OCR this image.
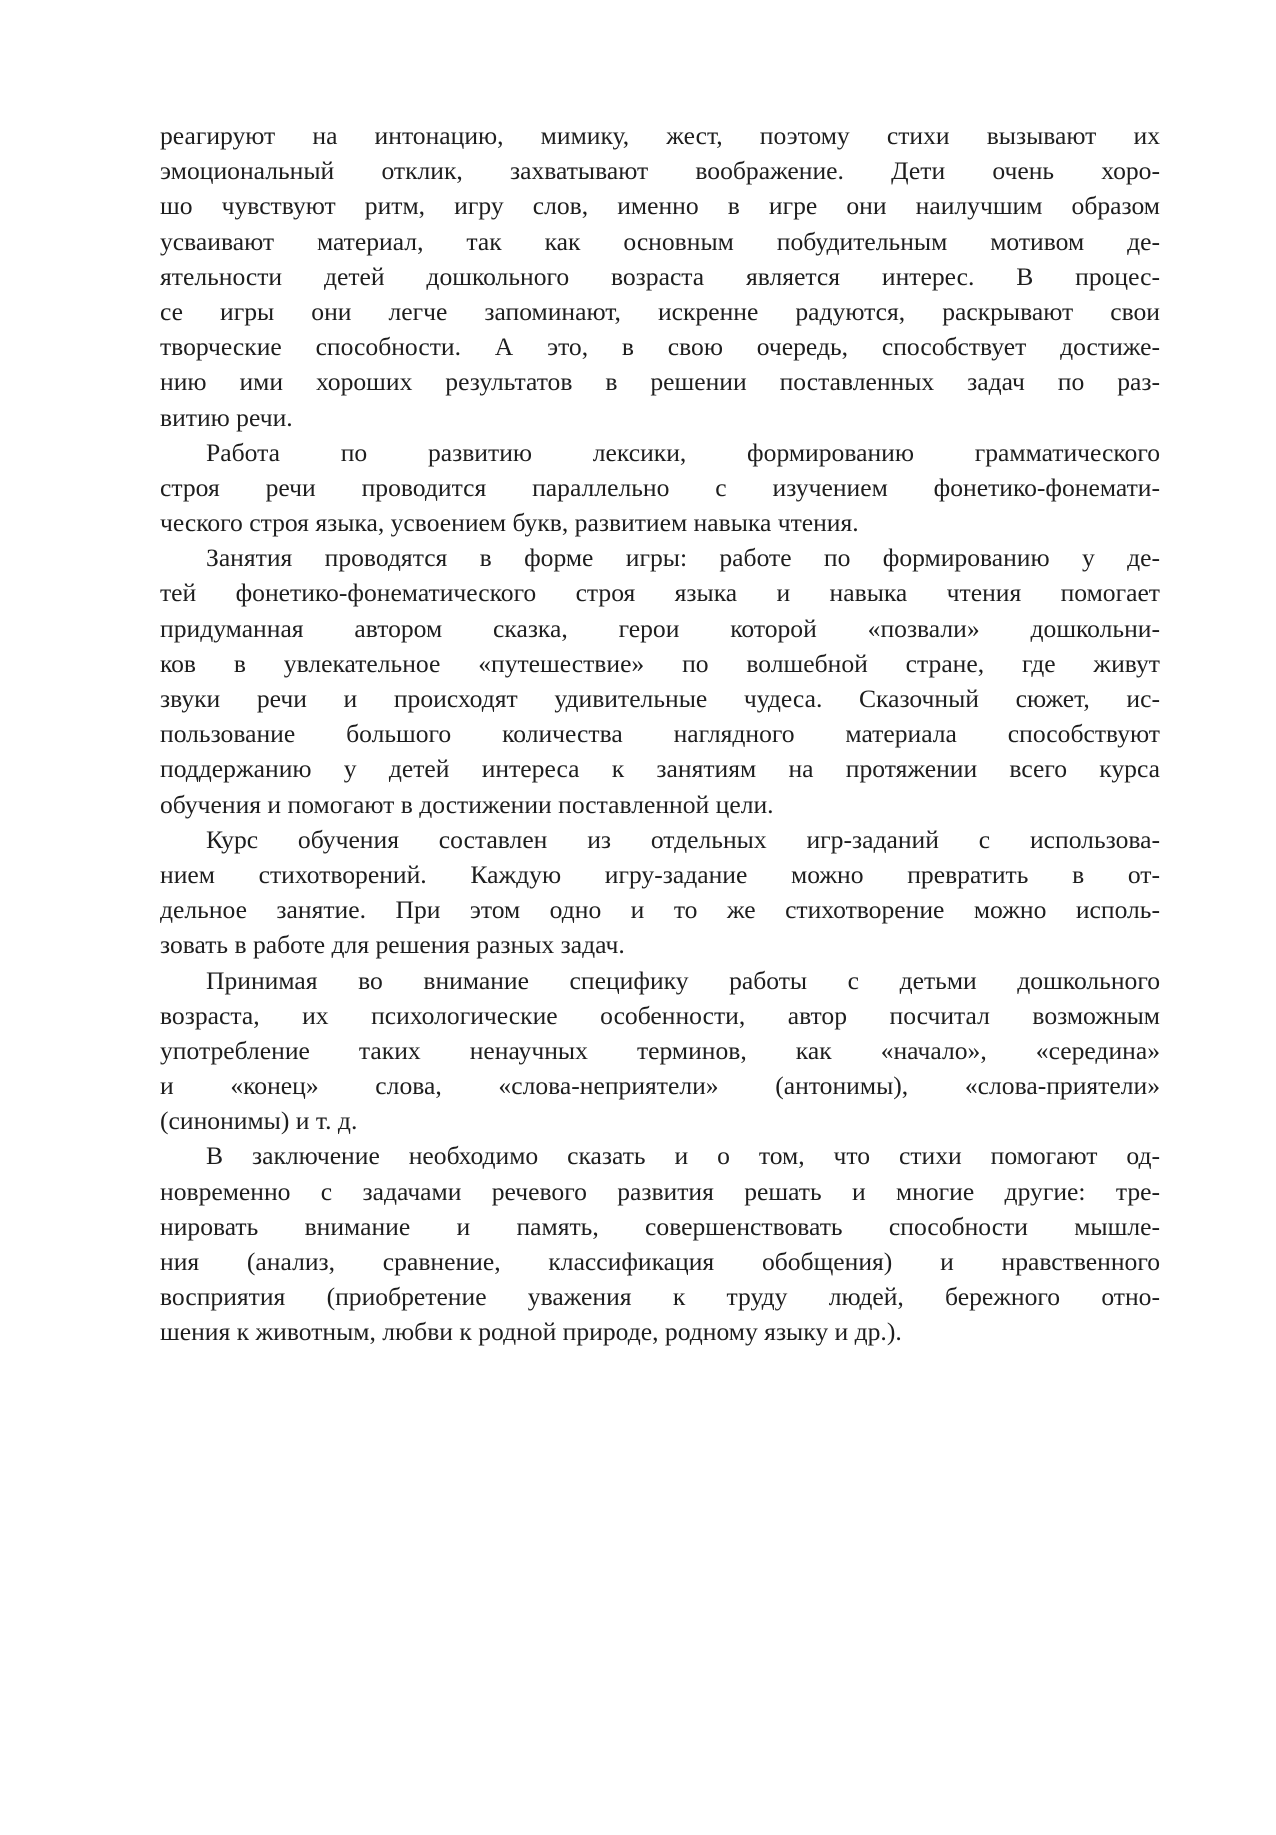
реагируют на интонацию, мимику, жест, поэтому стихи вызывают их
эмоциональный отклик, захватывают воображение. Дети очень хоро-
шо чувствуют ритм, игру слов, именно в игре они наилучшим образом
усваивают материал, так как основным побудительным мотивом де-
ятельности детей дошкольного возраста является интерес. В процес-
се игры они легче запоминают, искренне радуются, раскрывают свои
творческие способности. А это, в свою очередь, способствует достиже-
нию ими хороших результатов в решении поставленных задач по раз-
витию речи.
Работа по развитию лексики, формированию грамматического
строя речи проводится параллельно с изучением фонетико-фонемати-
ческого строя языка, усвоением букв, развитием навыка чтения.
Занятия проводятся в форме игры: работе по формированию у де-
тей фонетико-фонематического строя языка и навыка чтения помогает
придуманная автором сказка, герои которой «позвали» дошкольни-
ков в увлекательное «путешествие» по волшебной стране, где живут
звуки речи и происходят удивительные чудеса. Сказочный сюжет, ис-
пользование большого количества наглядного материала способствуют
поддержанию у детей интереса к занятиям на протяжении всего курса
обучения и помогают в достижении поставленной цели.
Курс обучения составлен из отдельных игр-заданий с использова-
нием стихотворений. Каждую игру-задание можно превратить в от-
дельное занятие. При этом одно и то же стихотворение можно исполь-
зовать в работе для решения разных задач.
Принимая во внимание специфику работы с детьми дошкольного
возраста, их психологические особенности, автор посчитал возможным
употребление таких ненаучных терминов, как «начало», «середина»
и «конец» слова, «слова-неприятели» (антонимы), «слова-приятели»
(синонимы) и т. д.
В заключение необходимо сказать и о том, что стихи помогают од-
новременно с задачами речевого развития решать и многие другие: тре-
нировать внимание и память, совершенствовать способности мышле-
ния (анализ, сравнение, классификация обобщения) и нравственного
восприятия (приобретение уважения к труду людей, бережного отно-
шения к животным, любви к родной природе, родному языку и др.).
